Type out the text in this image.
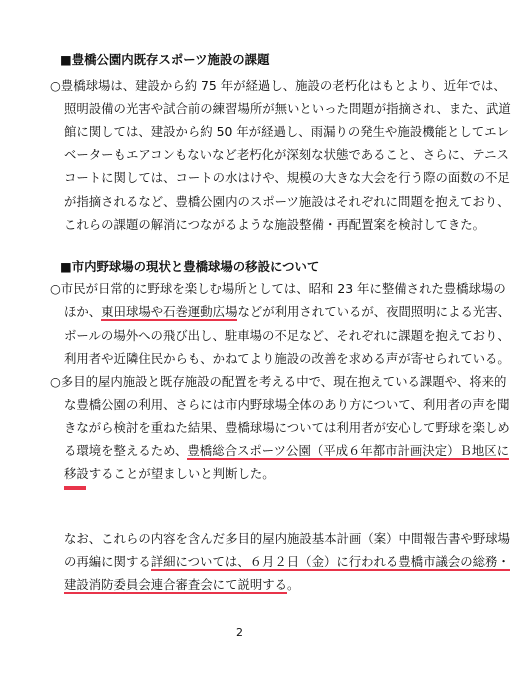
■豊橋公園内既存スポーツ施設の課題
○豊橋球場は、建設から約 75 年が経過し、施設の老朽化はもとより、近年では、
照明設備の光害や試合前の練習場所が無いといった問題が指摘され、また、武道
館に関しては、建設から約 50 年が経過し、雨漏りの発生や施設機能としてエレ
ベーターもエアコンもないなど老朽化が深刻な状態であること、さらに、テニス
コートに関しては、コートの水はけや、規模の大きな大会を行う際の面数の不足
が指摘されるなど、豊橋公園内のスポーツ施設はそれぞれに問題を抱えており、
これらの課題の解消につながるような施設整備・再配置案を検討してきた。
■市内野球場の現状と豊橋球場の移設について
○市民が日常的に野球を楽しむ場所としては、昭和 23 年に整備された豊橋球場の
ほか、東田球場や石巻運動広場などが利用されているが、夜間照明による光害、
ボールの場外への飛び出し、駐車場の不足など、それぞれに課題を抱えており、
利用者や近隣住民からも、かねてより施設の改善を求める声が寄せられている。
○多目的屋内施設と既存施設の配置を考える中で、現在抱えている課題や、将来的
な豊橋公園の利用、さらには市内野球場全体のあり方について、利用者の声を聞
きながら検討を重ねた結果、豊橋球場については利用者が安心して野球を楽しめ
る環境を整えるため、豊橋総合スポーツ公園（平成６年都市計画決定）Ｂ地区に
移設することが望ましいと判断した。
なお、これらの内容を含んだ多目的屋内施設基本計画（案）中間報告書や野球場
の再編に関する詳細については、６月２日（金）に行われる豊橋市議会の総務・
建設消防委員会連合審査会にて説明する。
2
